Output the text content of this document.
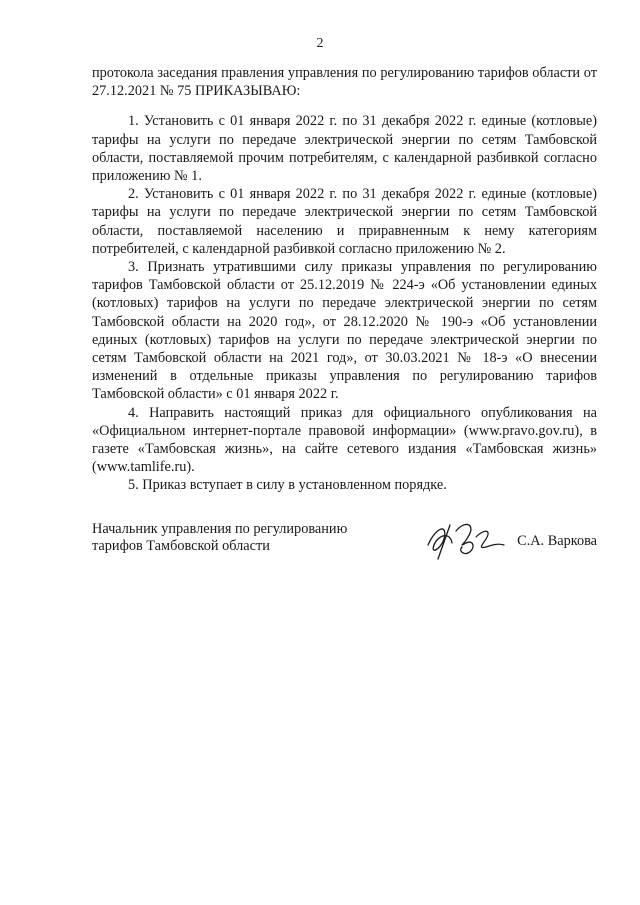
2

протокола заседания правления управления по регулированию тарифов области от 27.12.2021 № 75 ПРИКАЗЫВАЮ:

1. Установить с 01 января 2022 г. по 31 декабря 2022 г. единые (котловые) тарифы на услуги по передаче электрической энергии по сетям Тамбовской области, поставляемой прочим потребителям, с календарной разбивкой согласно приложению № 1.

2. Установить с 01 января 2022 г. по 31 декабря 2022 г. единые (котловые) тарифы на услуги по передаче электрической энергии по сетям Тамбовской области, поставляемой населению и приравненным к нему категориям потребителей, с календарной разбивкой согласно приложению № 2.

3. Признать утратившими силу приказы управления по регулированию тарифов Тамбовской области от 25.12.2019 № 224-э «Об установлении единых (котловых) тарифов на услуги по передаче электрической энергии по сетям Тамбовской области на 2020 год», от 28.12.2020 № 190-э «Об установлении единых (котловых) тарифов на услуги по передаче электрической энергии по сетям Тамбовской области на 2021 год», от 30.03.2021 № 18-э «О внесении изменений в отдельные приказы управления по регулированию тарифов Тамбовской области» с 01 января 2022 г.

4. Направить настоящий приказ для официального опубликования на «Официальном интернет-портале правовой информации» (www.pravo.gov.ru), в газете «Тамбовская жизнь», на сайте сетевого издания «Тамбовская жизнь» (www.tamlife.ru).

5. Приказ вступает в силу в установленном порядке.

Начальник управления по регулированию
тарифов Тамбовской области	С.А. Варкова
